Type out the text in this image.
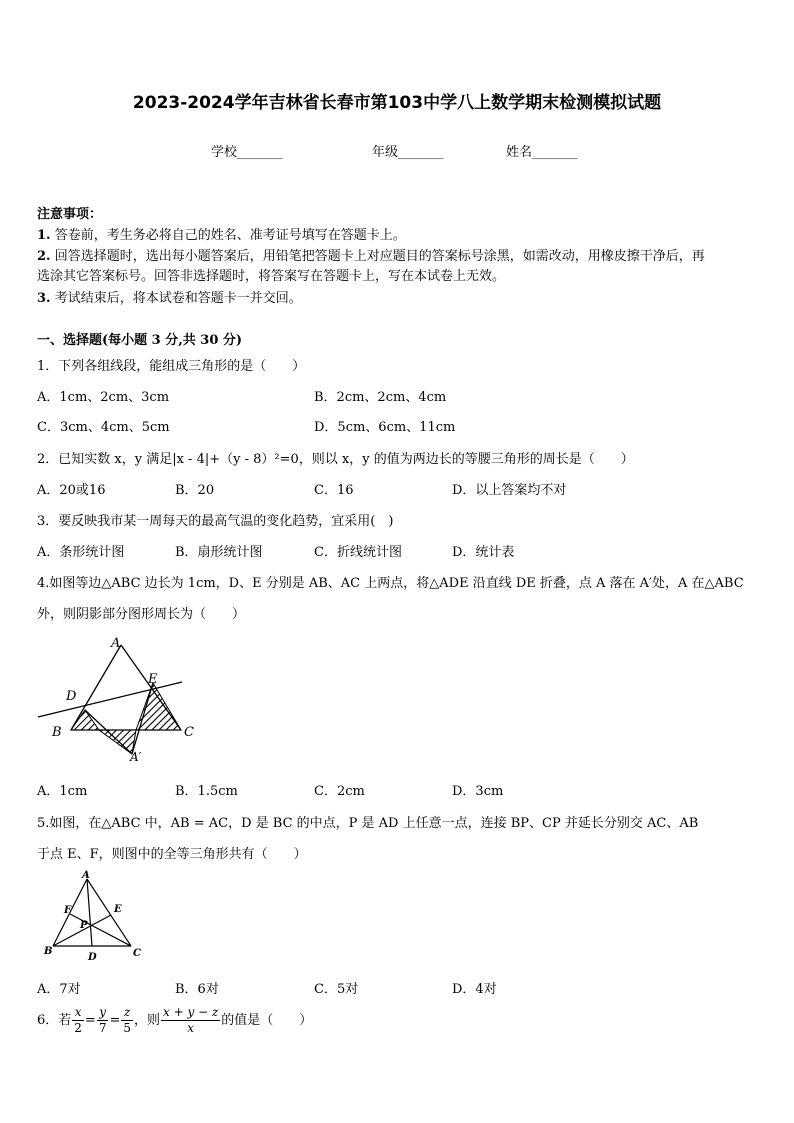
2023-2024学年吉林省长春市第103中学八上数学期末检测模拟试题
学校_______	年级_______	姓名_______
注意事项：
1. 答卷前，考生务必将自己的姓名、准考证号填写在答题卡上。
2. 回答选择题时，选出每小题答案后，用铅笔把答题卡上对应题目的答案标号涂黑，如需改动，用橡皮擦干净后，再
选涂其它答案标号。回答非选择题时，将答案写在答题卡上，写在本试卷上无效。
3. 考试结束后，将本试卷和答题卡一并交回。
一、选择题(每小题 3 分,共 30 分)
1．下列各组线段，能组成三角形的是（　　）
A．1cm、2cm、3cm	B．2cm、2cm、4cm
C．3cm、4cm、5cm	D．5cm、6cm、11cm
2．已知实数 x，y 满足|x - 4|+（y - 8）²=0，则以 x，y 的值为两边长的等腰三角形的周长是（　　）
A．20或16	B．20	C．16	D．以上答案均不对
3．要反映我市某一周每天的最高气温的变化趋势，宜采用(　)
A．条形统计图	B．扇形统计图	C．折线统计图	D．统计表
4.如图等边△ABC 边长为 1cm，D、E 分别是 AB、AC 上两点，将△ADE 沿直线 DE 折叠，点 A 落在 A′处，A 在△ABC
外，则阴影部分图形周长为（　　）
A
D
E
B	C
A′
A．1cm	B．1.5cm	C．2cm	D．3cm
5.如图，在△ABC 中，AB = AC，D 是 BC 的中点，P 是 AD 上任意一点，连接 BP、CP 并延长分别交 AC、AB
于点 E、F，则图中的全等三角形共有（　　）
A
F	E
P
B
D	C
A．7对	B．6对	C．5对	D．4对
6．若 $\frac{x}{2} = \frac{y}{7} = \frac{z}{5}$ ，则 $\frac{x + y - z}{x}$ 的值是（　　）
